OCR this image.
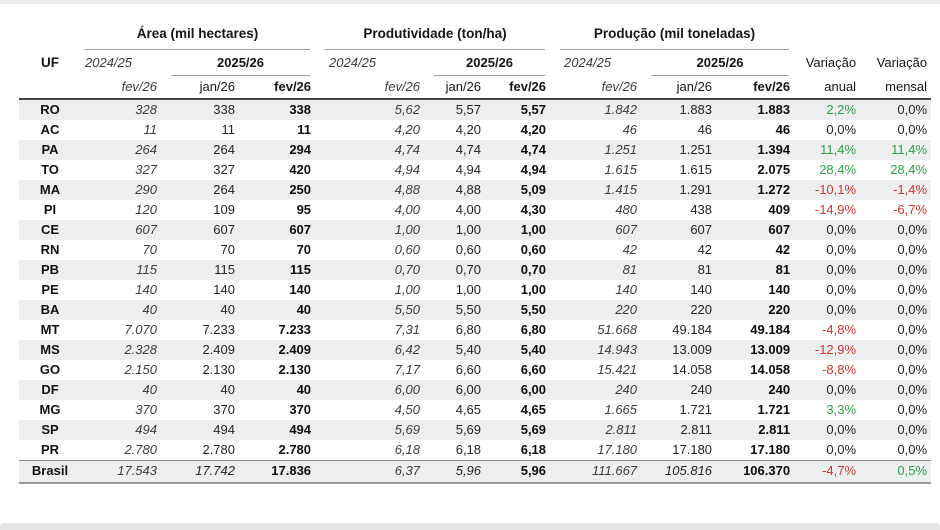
	Área (mil hectares)			Produtividade (ton/ha)			Produção (mil toneladas)				

UF	2024/25	2025/26		2024/25	2025/26		2024/25	2025/26		Variação	Variação
	fev/26	jan/26	fev/26	fev/26	jan/26	fev/26	fev/26	jan/26	fev/26	anual	mensal
RO	328	338	338	5,62	5,57	5,57	1.842	1.883	1.883	2,2%	0,0%
AC	11	11	11	4,20	4,20	4,20	46	46	46	0,0%	0,0%
PA	264	264	294	4,74	4,74	4,74	1.251	1.251	1.394	11,4%	11,4%
TO	327	327	420	4,94	4,94	4,94	1.615	1.615	2.075	28,4%	28,4%
MA	290	264	250	4,88	4,88	5,09	1.415	1.291	1.272	-10,1%	-1,4%
PI	120	109	95	4,00	4,00	4,30	480	438	409	-14,9%	-6,7%
CE	607	607	607	1,00	1,00	1,00	607	607	607	0,0%	0,0%
RN	70	70	70	0,60	0,60	0,60	42	42	42	0,0%	0,0%
PB	115	115	115	0,70	0,70	0,70	81	81	81	0,0%	0,0%
PE	140	140	140	1,00	1,00	1,00	140	140	140	0,0%	0,0%
BA	40	40	40	5,50	5,50	5,50	220	220	220	0,0%	0,0%
MT	7.070	7.233	7.233	7,31	6,80	6,80	51.668	49.184	49.184	-4,8%	0,0%
MS	2.328	2.409	2.409	6,42	5,40	5,40	14.943	13.009	13.009	-12,9%	0,0%
GO	2.150	2.130	2.130	7,17	6,60	6,60	15.421	14.058	14.058	-8,8%	0,0%
DF	40	40	40	6,00	6,00	6,00	240	240	240	0,0%	0,0%
MG	370	370	370	4,50	4,65	4,65	1.665	1.721	1.721	3,3%	0,0%
SP	494	494	494	5,69	5,69	5,69	2.811	2.811	2.811	0,0%	0,0%
PR	2.780	2.780	2.780	6,18	6,18	6,18	17.180	17.180	17.180	0,0%	0,0%
Brasil	17.543	17.742	17.836	6,37	5,96	5,96	111.667	105.816	106.370	-4,7%	0,5%
